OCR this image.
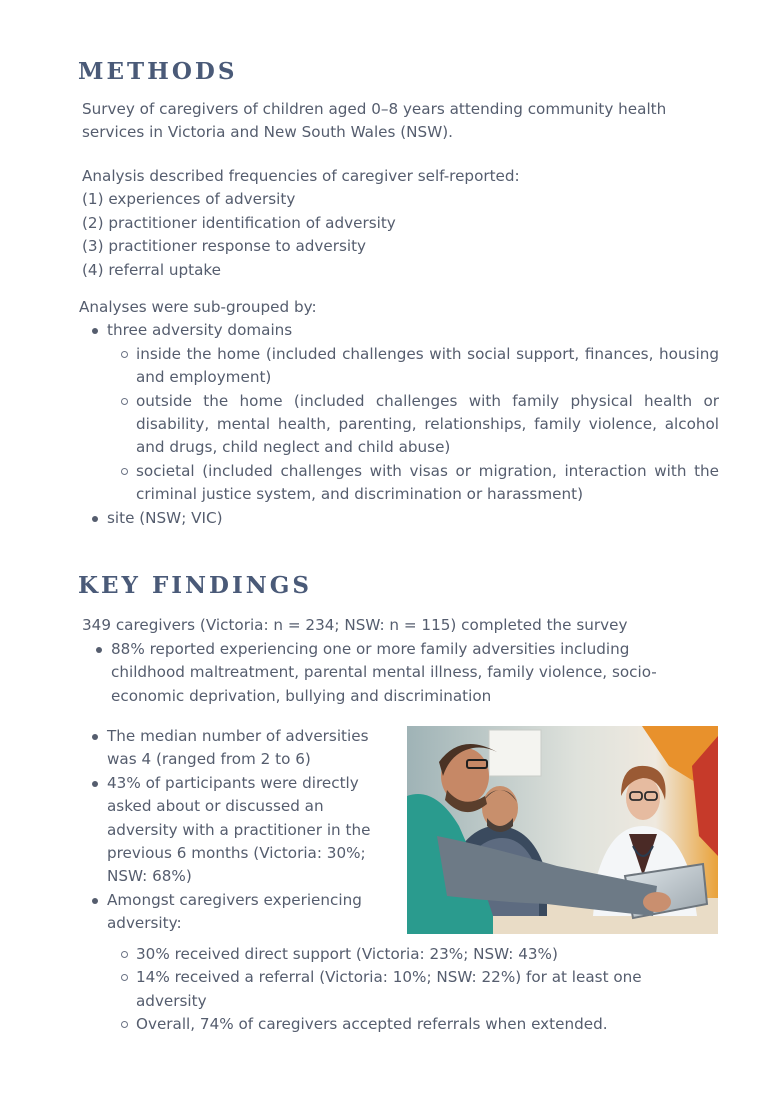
METHODS
Survey of caregivers of children aged 0–8 years attending community health
services in Victoria and New South Wales (NSW).
Analysis described frequencies of caregiver self-reported:
(1) experiences of adversity
(2) practitioner identification of adversity
(3) practitioner response to adversity
(4) referral uptake
Analyses were sub-grouped by:
three adversity domains
inside the home (included challenges with social support, finances, housing and employment)
outside the home (included challenges with family physical health or disability, mental health, parenting, relationships, family violence, alcohol and drugs, child neglect and child abuse)
societal (included challenges with visas or migration, interaction with the criminal justice system, and discrimination or harassment)
site (NSW; VIC)
KEY FINDINGS
349 caregivers (Victoria: n = 234; NSW: n = 115) completed the survey
88% reported experiencing one or more family adversities including
childhood maltreatment, parental mental illness, family violence, socio-
economic deprivation, bullying and discrimination
The median number of adversities
was 4 (ranged from 2 to 6)
43% of participants were directly
asked about or discussed an
adversity with a practitioner in the
previous 6 months (Victoria: 30%;
NSW: 68%)
Amongst caregivers experiencing
adversity:
30% received direct support (Victoria: 23%; NSW: 43%)
14% received a referral (Victoria: 10%; NSW: 22%) for at least one
adversity
Overall, 74% of caregivers accepted referrals when extended.
